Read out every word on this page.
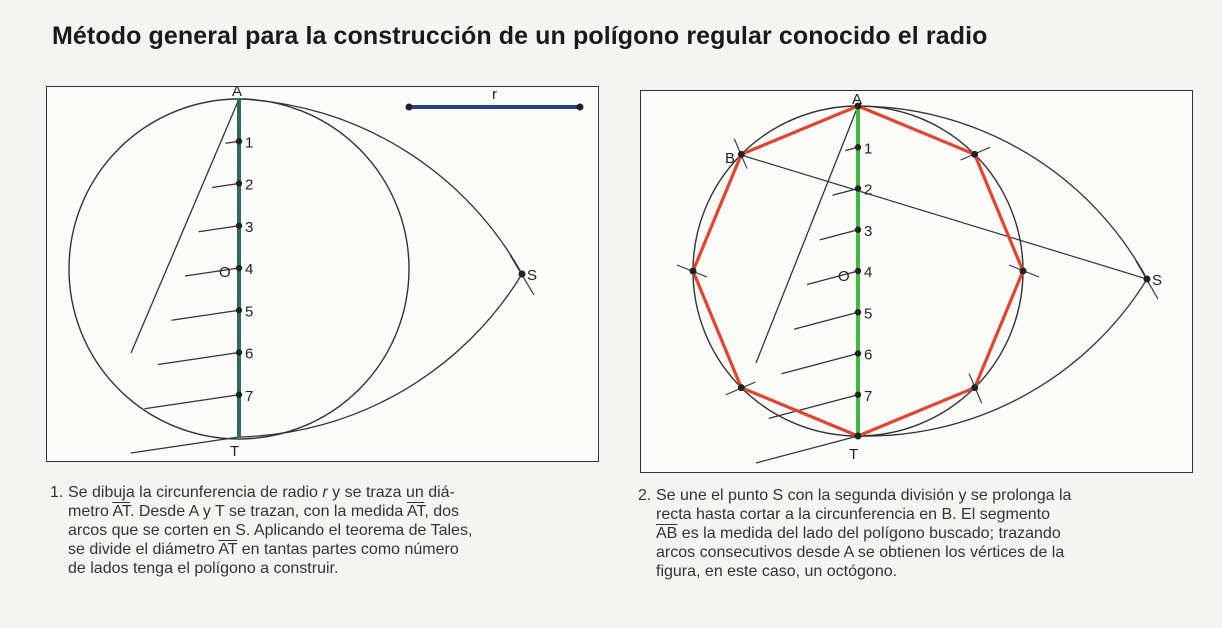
Método general para la construcción de un polígono regular conocido el radio
1
2
3
4
5
6
7
r
A
T
O	S
1
2
3
4
5
6
7
A
T
O
B
S
1. Se dibuja la circunferencia de radio r y se traza un diá-
metro $\overline{AT}$. Desde A y T se trazan, con la medida $\overline{AT}$, dos
arcos que se corten en S. Aplicando el teorema de Tales,
se divide el diámetro $\overline{AT}$ en tantas partes como número
de lados tenga el polígono a construir.
2. Se une el punto S con la segunda división y se prolonga la
recta hasta cortar a la circunferencia en B. El segmento
$\overline{AB}$ es la medida del lado del polígono buscado; trazando
arcos consecutivos desde A se obtienen los vértices de la
figura, en este caso, un octógono.
